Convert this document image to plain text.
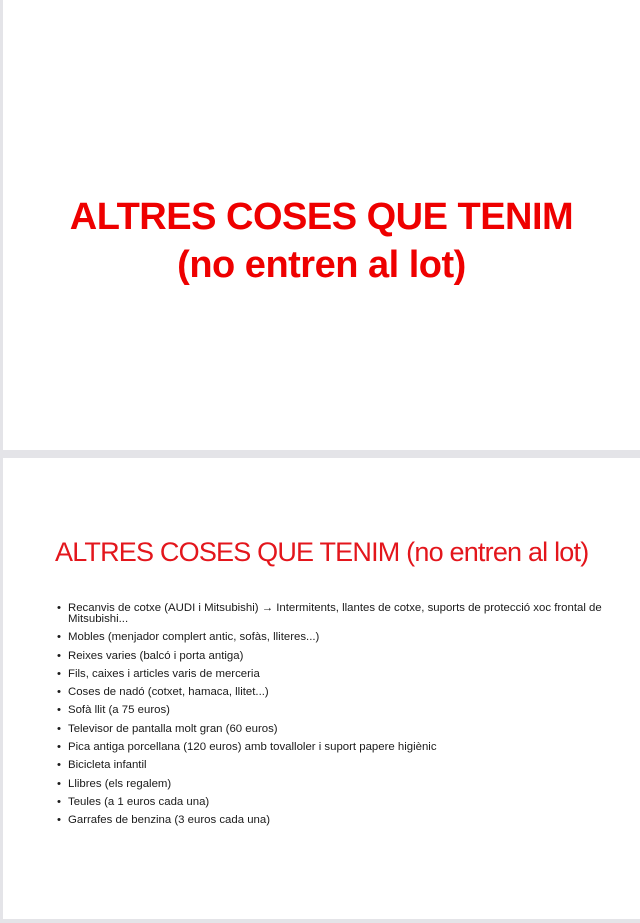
ALTRES COSES QUE TENIM
(no entren al lot)
ALTRES COSES QUE TENIM (no entren al lot)
• Recanvis de cotxe (AUDI i Mitsubishi) → Intermitents, llantes de cotxe, suports de protecció xoc frontal de Mitsubishi...
• Mobles (menjador complert antic, sofàs, lliteres...)
• Reixes varies (balcó i porta antiga)
• Fils, caixes i articles varis de merceria
• Coses de nadó (cotxet, hamaca, llitet...)
• Sofà llit (a 75 euros)
• Televisor de pantalla molt gran (60 euros)
• Pica antiga porcellana (120 euros) amb tovalloler i suport papere higiènic
• Bicicleta infantil
• Llibres (els regalem)
• Teules (a 1 euros cada una)
• Garrafes de benzina (3 euros cada una)
